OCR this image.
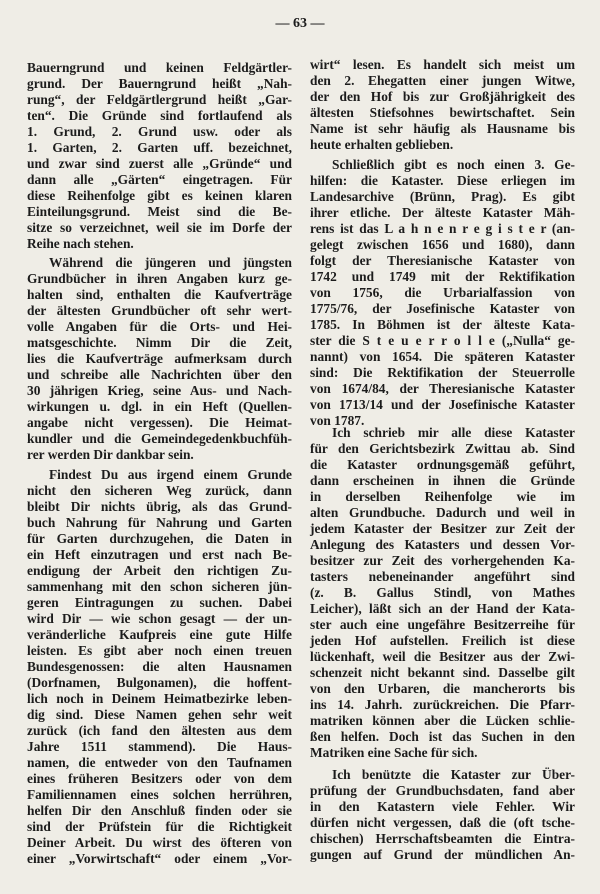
— 63 —
Bauerngrund und keinen Feldgärtler-
grund. Der Bauerngrund heißt „Nah-
rung“, der Feldgärtlergrund heißt „Gar-
ten“. Die Gründe sind fortlaufend als
1. Grund, 2. Grund usw. oder als
1. Garten, 2. Garten uff. bezeichnet,
und zwar sind zuerst alle „Gründe“ und
dann alle „Gärten“ eingetragen. Für
diese Reihenfolge gibt es keinen klaren
Einteilungsgrund. Meist sind die Be-
sitze so verzeichnet, weil sie im Dorfe der
Reihe nach stehen.
Während die jüngeren und jüngsten
Grundbücher in ihren Angaben kurz ge-
halten sind, enthalten die Kaufverträge
der ältesten Grundbücher oft sehr wert-
volle Angaben für die Orts- und Hei-
matsgeschichte. Nimm Dir die Zeit,
lies die Kaufverträge aufmerksam durch
und schreibe alle Nachrichten über den
30 jährigen Krieg, seine Aus- und Nach-
wirkungen u. dgl. in ein Heft (Quellen-
angabe nicht vergessen). Die Heimat-
kundler und die Gemeindegedenkbuchfüh-
rer werden Dir dankbar sein.
Findest Du aus irgend einem Grunde
nicht den sicheren Weg zurück, dann
bleibt Dir nichts übrig, als das Grund-
buch Nahrung für Nahrung und Garten
für Garten durchzugehen, die Daten in
ein Heft einzutragen und erst nach Be-
endigung der Arbeit den richtigen Zu-
sammenhang mit den schon sicheren jün-
geren Eintragungen zu suchen. Dabei
wird Dir — wie schon gesagt — der un-
veränderliche Kaufpreis eine gute Hilfe
leisten. Es gibt aber noch einen treuen
Bundesgenossen: die alten Hausnamen
(Dorfnamen, Bulgonamen), die hoffent-
lich noch in Deinem Heimatbezirke leben-
dig sind. Diese Namen gehen sehr weit
zurück (ich fand den ältesten aus dem
Jahre 1511 stammend). Die Haus-
namen, die entweder von den Taufnamen
eines früheren Besitzers oder von dem
Familiennamen eines solchen herrühren,
helfen Dir den Anschluß finden oder sie
sind der Prüfstein für die Richtigkeit
Deiner Arbeit. Du wirst des öfteren von
einer „Vorwirtschaft“ oder einem „Vor-
wirt“ lesen. Es handelt sich meist um
den 2. Ehegatten einer jungen Witwe,
der den Hof bis zur Großjährigkeit des
ältesten Stiefsohnes bewirtschaftet. Sein
Name ist sehr häufig als Hausname bis
heute erhalten geblieben.
Schließlich gibt es noch einen 3. Ge-
hilfen: die Kataster. Diese erliegen im
Landesarchive (Brünn, Prag). Es gibt
ihrer etliche. Der älteste Kataster Mäh-
rens ist das L a h n e n r e g i s t e r (an-
gelegt zwischen 1656 und 1680), dann
folgt der Theresianische Kataster von
1742 und 1749 mit der Rektifikation
von 1756, die Urbarialfassion von
1775/76, der Josefinische Kataster von
1785. In Böhmen ist der älteste Kata-
ster die S t e u e r r o l l e („Nulla“ ge-
nannt) von 1654. Die späteren Kataster
sind: Die Rektifikation der Steuerrolle
von 1674/84, der Theresianische Kataster
von 1713/14 und der Josefinische Kataster
von 1787.
Ich schrieb mir alle diese Kataster
für den Gerichtsbezirk Zwittau ab. Sind
die Kataster ordnungsgemäß geführt,
dann erscheinen in ihnen die Gründe
in derselben Reihenfolge wie im
alten Grundbuche. Dadurch und weil in
jedem Kataster der Besitzer zur Zeit der
Anlegung des Katasters und dessen Vor-
besitzer zur Zeit des vorhergehenden Ka-
tasters nebeneinander angeführt sind
(z. B. Gallus Stindl, von Mathes
Leicher), läßt sich an der Hand der Kata-
ster auch eine ungefähre Besitzerreihe für
jeden Hof aufstellen. Freilich ist diese
lückenhaft, weil die Besitzer aus der Zwi-
schenzeit nicht bekannt sind. Dasselbe gilt
von den Urbaren, die mancherorts bis
ins 14. Jahrh. zurückreichen. Die Pfarr-
matriken können aber die Lücken schlie-
ßen helfen. Doch ist das Suchen in den
Matriken eine Sache für sich.
Ich benützte die Kataster zur Über-
prüfung der Grundbuchsdaten, fand aber
in den Katastern viele Fehler. Wir
dürfen nicht vergessen, daß die (oft tsche-
chischen) Herrschaftsbeamten die Eintra-
gungen auf Grund der mündlichen An-
